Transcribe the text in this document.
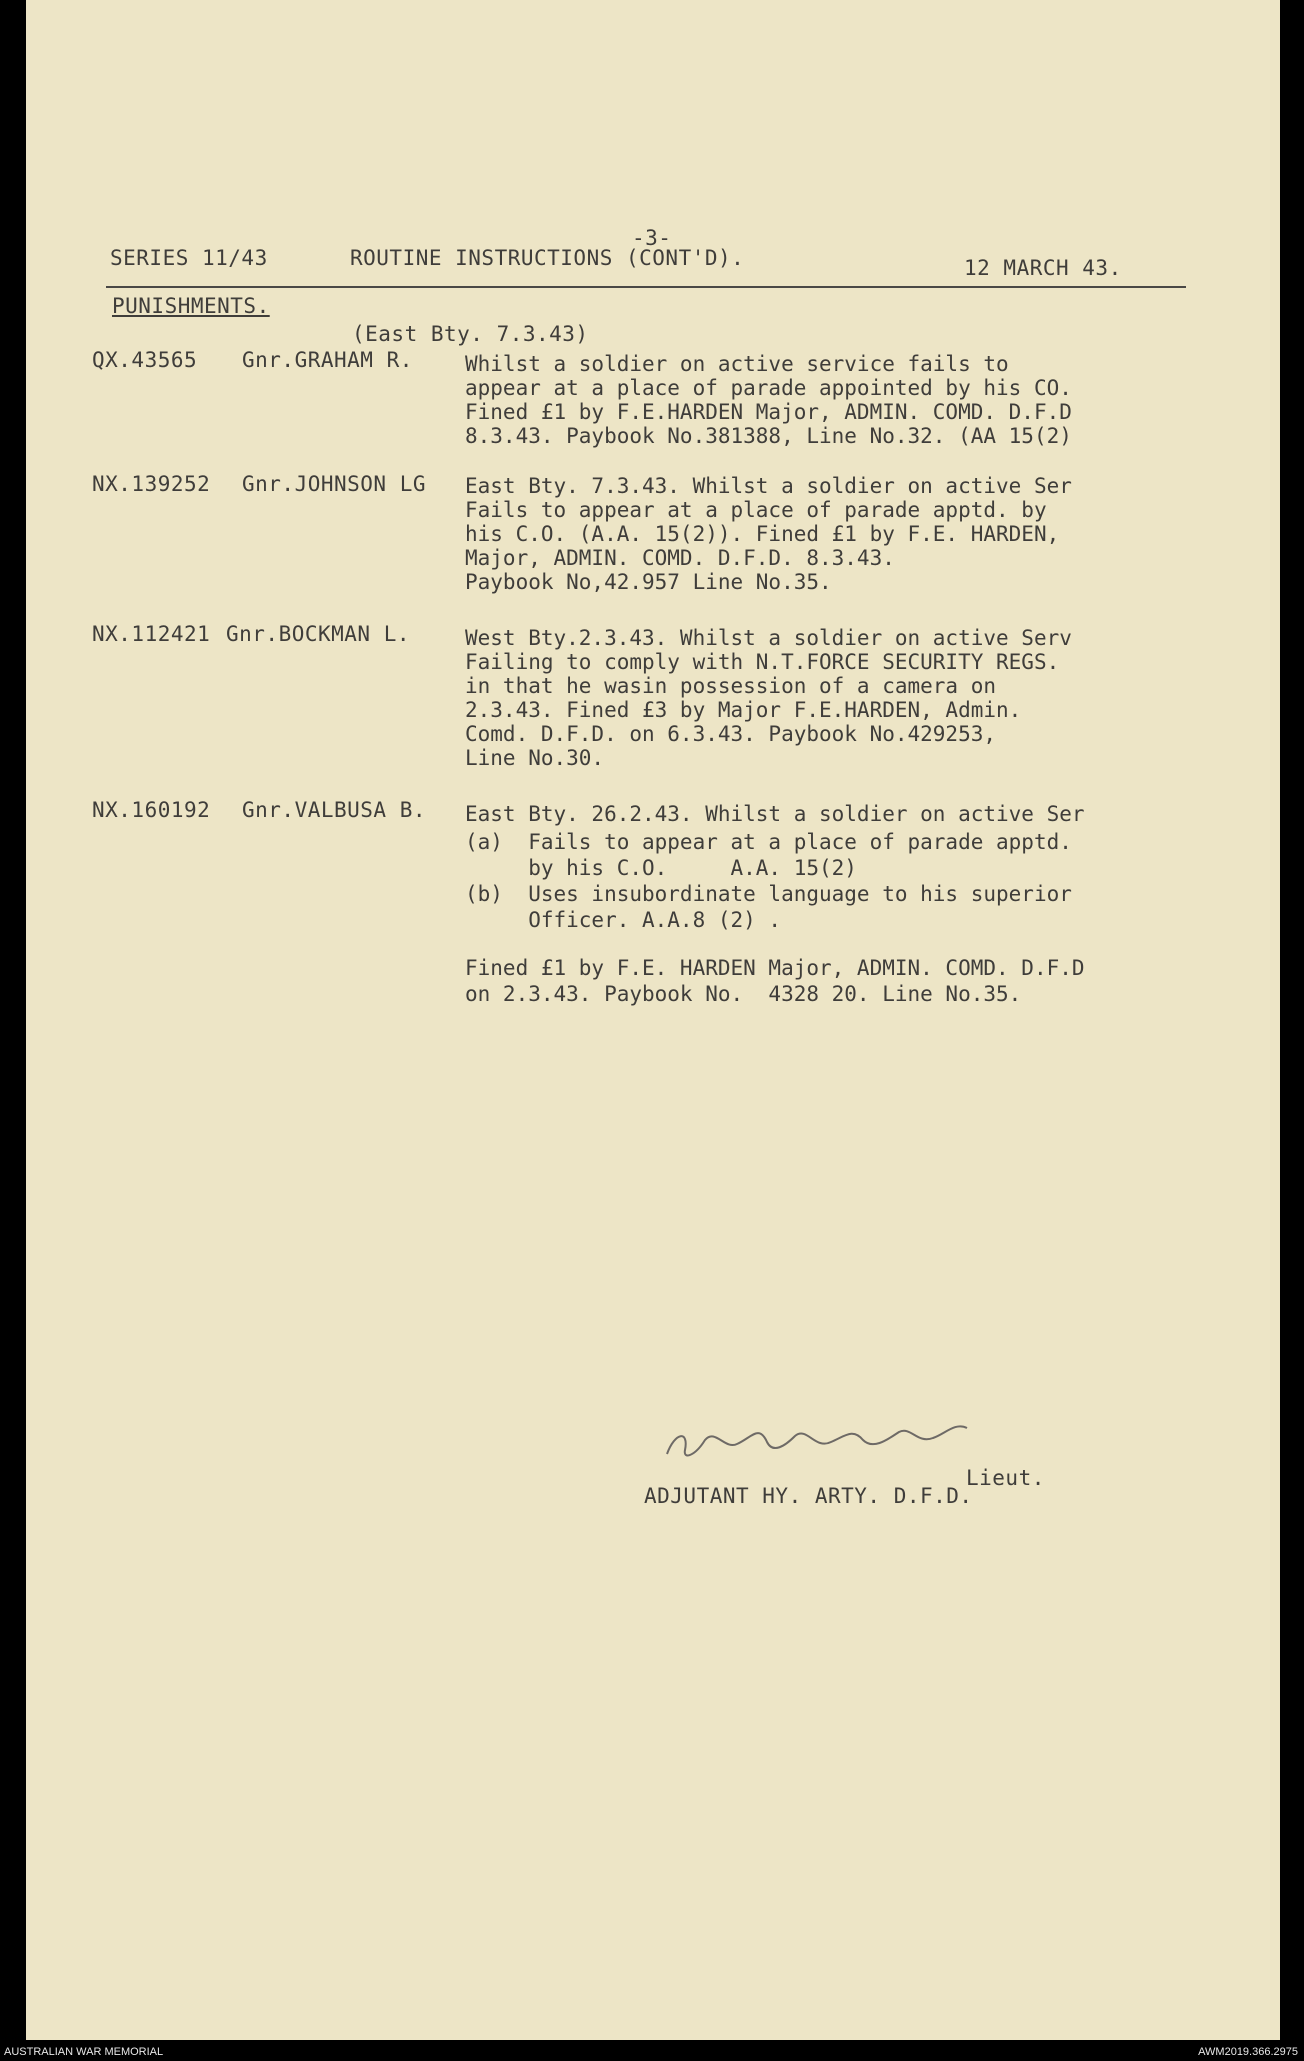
-3-
SERIES 11/43	ROUTINE INSTRUCTIONS (CONT'D).	12 MARCH 43.
PUNISHMENTS.
(East Bty. 7.3.43)
QX.43565 Gnr.GRAHAM R. Whilst a soldier on active service fails to
appear at a place of parade appointed by his CO.
Fined £1 by F.E.HARDEN Major, ADMIN. COMD. D.F.D
8.3.43. Paybook No.381388, Line No.32. (AA 15(2)
NX.139252 Gnr.JOHNSON LG East Bty. 7.3.43. Whilst a soldier on active Ser
Fails to appear at a place of parade apptd. by
his C.O. (A.A. 15(2)). Fined £1 by F.E. HARDEN,
Major, ADMIN. COMD. D.F.D. 8.3.43.
Paybook No,42.957 Line No.35.
NX.112421 Gnr.BOCKMAN L.	West Bty.2.3.43. Whilst a soldier on active Serv
Failing to comply with N.T.FORCE SECURITY REGS.
in that he wasin possession of a camera on
2.3.43. Fined £3 by Major F.E.HARDEN, Admin.
Comd. D.F.D. on 6.3.43. Paybook No.429253,
Line No.30.
NX.160192 Gnr.VALBUSA B. East Bty. 26.2.43. Whilst a soldier on active Ser
(a)  Fails to appear at a place of parade apptd.
by his C.O.     A.A. 15(2)
(b)  Uses insubordinate language to his superior
Officer. A.A.8 (2) .
Fined £1 by F.E. HARDEN Major, ADMIN. COMD. D.F.D
on 2.3.43. Paybook No.  4328 20. Line No.35.
Lieut.
ADJUTANT HY. ARTY. D.F.D.
AUSTRALIAN WAR MEMORIAL	AWM2019.366.2975
